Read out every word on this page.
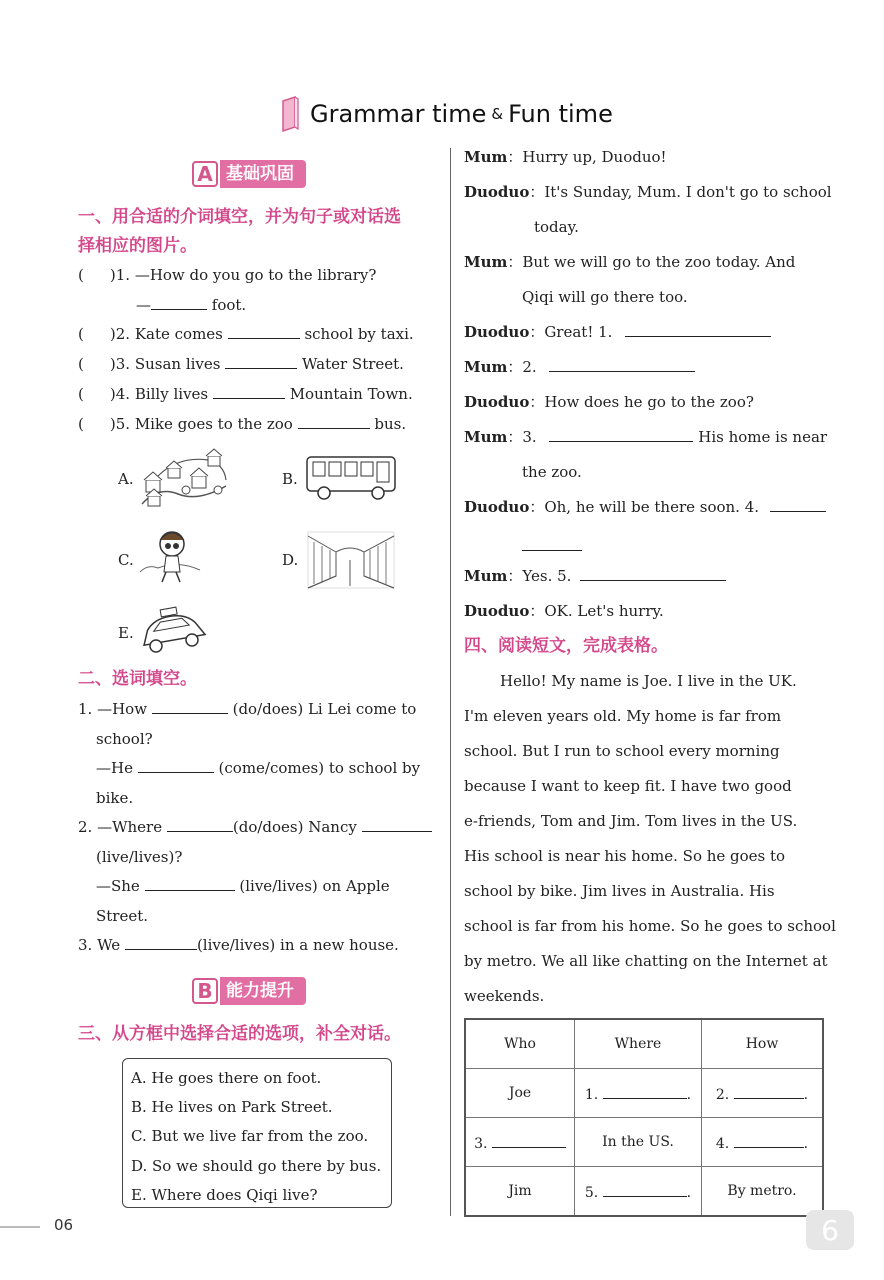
Grammar time & Fun time
A 基础巩固
一、用合适的介词填空，并为句子或对话选
择相应的图片。
( )1. —How do you go to the library?
—	foot.
( )2. Kate comes	school by taxi.
( )3. Susan lives	Water Street.
( )4. Billy lives	Mountain Town.
( )5. Mike goes to the zoo	bus.
A.	B.
C.	D.
E.
二、选词填空。
1. —How	(do/does) Li Lei come to
school?
—He	(come/comes) to school by
bike.
2. —Where	(do/does) Nancy
(live/lives)?
—She	(live/lives) on Apple
Street.
3. We	(live/lives) in a new house.
B 能力提升
三、从方框中选择合适的选项，补全对话。
A. He goes there on foot.
B. He lives on Park Street.
C. But we live far from the zoo.
D. So we should go there by bus.
E. Where does Qiqi live?
Mum：Hurry up, Duoduo!
Duoduo：It's Sunday, Mum. I don't go to school
today.
Mum：But we will go to the zoo today. And
Qiqi will go there too.
Duoduo：Great! 1.
Mum：2.
Duoduo：How does he go to the zoo?
Mum：3.	His home is near
the zoo.
Duoduo：Oh, he will be there soon. 4.
Mum：Yes. 5.
Duoduo：OK. Let's hurry.
四、阅读短文，完成表格。
Hello! My name is Joe. I live in the UK.
I'm eleven years old. My home is far from
school. But I run to school every morning
because I want to keep fit. I have two good
e-friends, Tom and Jim. Tom lives in the US.
His school is near his home. So he goes to
school by bike. Jim lives in Australia. His
school is far from his home. So he goes to school
by metro. We all like chatting on the Internet at
weekends.
Who	Where	How
Joe	1. .	2. .
3.	In the US.	4. .
Jim	5. .	By metro.
06	6
